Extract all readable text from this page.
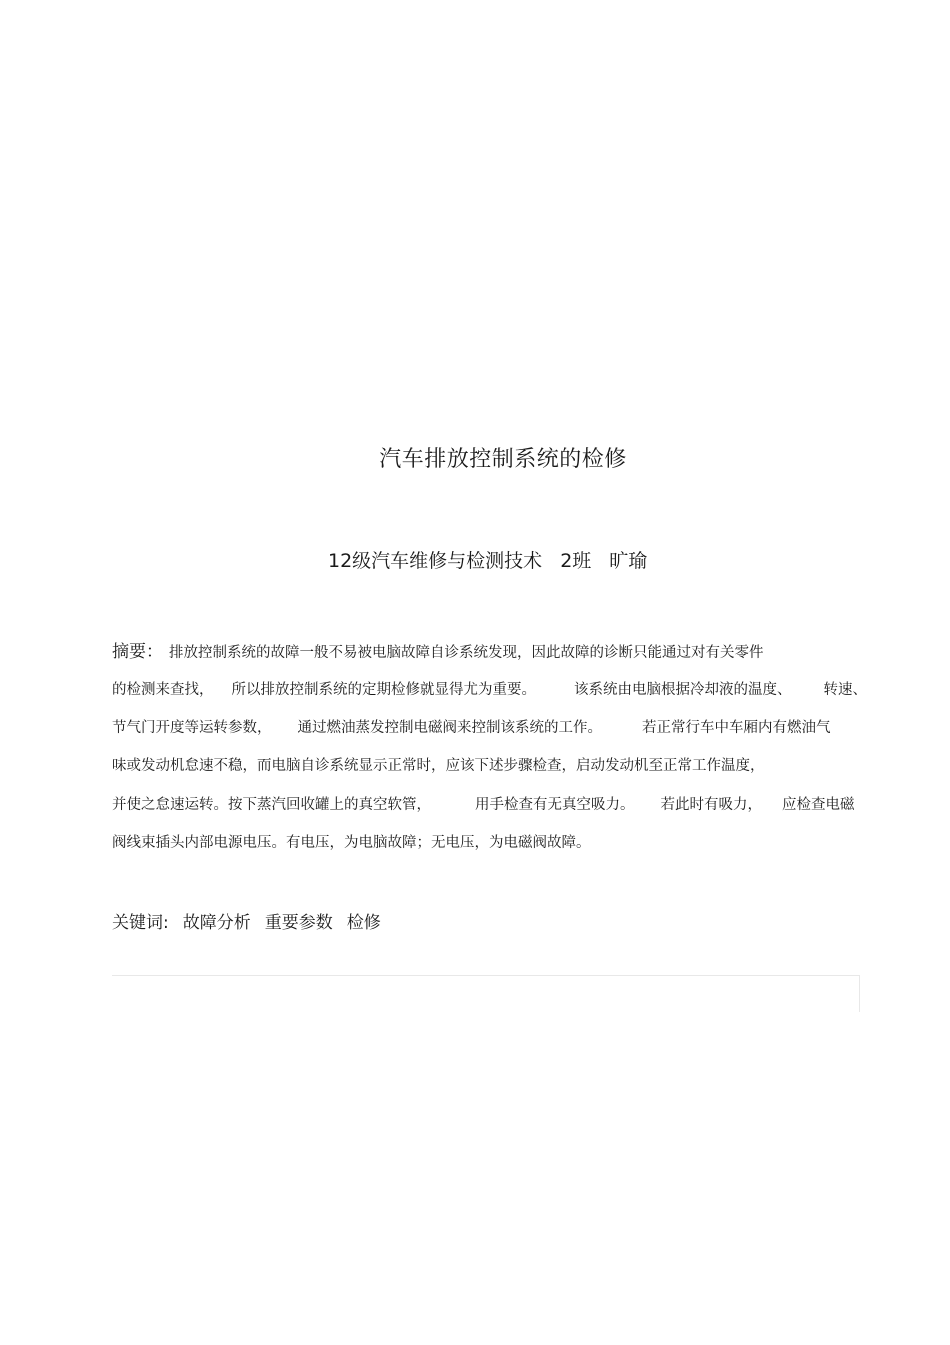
汽车排放控制系统的检修
12级汽车维修与检测技术 2班 旷瑜
摘要： 排放控制系统的故障一般不易被电脑故障自诊系统发现，因此故障的诊断只能通过对有关零件
的检测来查找， 所以排放控制系统的定期检修就显得尤为重要。	该系统由电脑根据冷却液的温度、 转速、
节气门开度等运转参数， 通过燃油蒸发控制电磁阀来控制该系统的工作。	若正常行车中车厢内有燃油气
味或发动机怠速不稳，而电脑自诊系统显示正常时，应该下述步骤检查，启动发动机至正常工作温度，
并使之怠速运转。按下蒸汽回收罐上的真空软管，	用手检查有无真空吸力。 若此时有吸力， 应检查电磁
阀线束插头内部电源电压。有电压，为电脑故障；无电压，为电磁阀故障。
关键词: 故障分析 重要参数 检修
